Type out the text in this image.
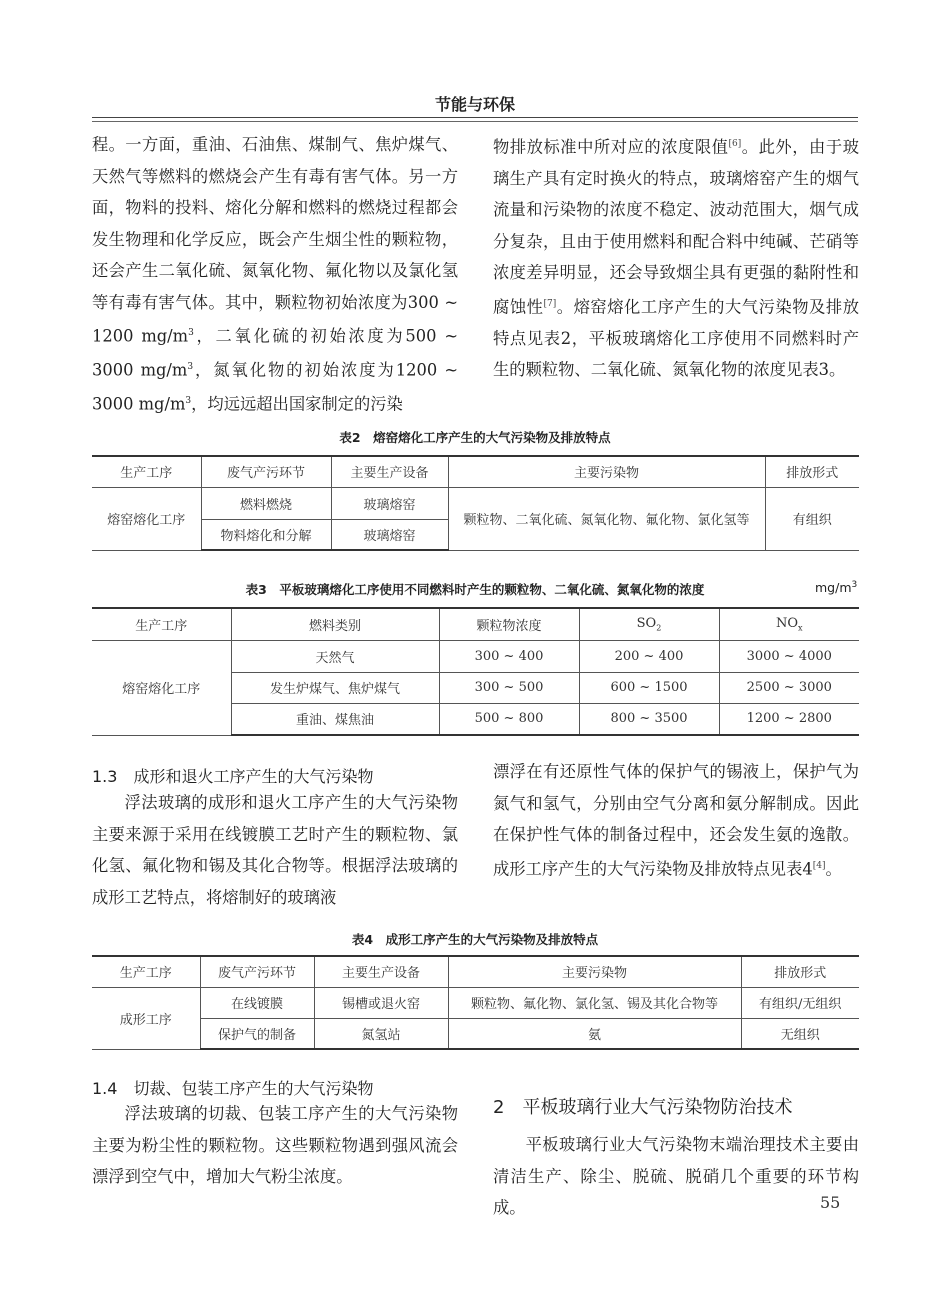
节能与环保

程。一方面，重油、石油焦、煤制气、焦炉煤气、天然气等燃料的燃烧会产生有毒有害气体。另一方面，物料的投料、熔化分解和燃料的燃烧过程都会发生物理和化学反应，既会产生烟尘性的颗粒物，还会产生二氧化硫、氮氧化物、氟化物以及氯化氢等有毒有害气体。其中，颗粒物初始浓度为300 ~ 1200 $mg/m^3$，二氧化硫的初始浓度为500 ~ 3000 $mg/m^3$，氮氧化物的初始浓度为1200 ~ 3000 $mg/m^3$，均远远超出国家制定的污染

物排放标准中所对应的浓度限值[6]。此外，由于玻璃生产具有定时换火的特点，玻璃熔窑产生的烟气流量和污染物的浓度不稳定、波动范围大，烟气成分复杂，且由于使用燃料和配合料中纯碱、芒硝等浓度差异明显，还会导致烟尘具有更强的黏附性和腐蚀性[7]。熔窑熔化工序产生的大气污染物及排放特点见表2，平板玻璃熔化工序使用不同燃料时产生的颗粒物、二氧化硫、氮氧化物的浓度见表3。

表2　熔窑熔化工序产生的大气污染物及排放特点
生产工序	废气产污环节	主要生产设备	主要污染物	排放形式
熔窑熔化工序	燃料燃烧	玻璃熔窑	颗粒物、二氧化硫、氮氧化物、氟化物、氯化氢等	有组织
	物料熔化和分解	玻璃熔窑		
表3　平板玻璃熔化工序使用不同燃料时产生的颗粒物、二氧化硫、氮氧化物的浓度	$mg/m^3$
生产工序	燃料类别	颗粒物浓度	$SO_2$	$NO_x$
熔窑熔化工序	天然气	300 ~ 400	200 ~ 400	3000 ~ 4000
	发生炉煤气、焦炉煤气	300 ~ 500	600 ~ 1500	2500 ~ 3000
	重油、煤焦油	500 ~ 800	800 ~ 3500	1200 ~ 2800
1.3　成形和退火工序产生的大气污染物

浮法玻璃的成形和退火工序产生的大气污染物主要来源于采用在线镀膜工艺时产生的颗粒物、氯化氢、氟化物和锡及其化合物等。根据浮法玻璃的成形工艺特点，将熔制好的玻璃液

漂浮在有还原性气体的保护气的锡液上，保护气为氮气和氢气，分别由空气分离和氨分解制成。因此在保护性气体的制备过程中，还会发生氨的逸散。成形工序产生的大气污染物及排放特点见表4[4]。

表4　成形工序产生的大气污染物及排放特点
生产工序	废气产污环节	主要生产设备	主要污染物	排放形式
成形工序	在线镀膜	锡槽或退火窑	颗粒物、氟化物、氯化氢、锡及其化合物等	有组织/无组织
	保护气的制备	氮氢站	氨	无组织
1.4　切裁、包装工序产生的大气污染物

浮法玻璃的切裁、包装工序产生的大气污染物主要为粉尘性的颗粒物。这些颗粒物遇到强风流会漂浮到空气中，增加大气粉尘浓度。

2　平板玻璃行业大气污染物防治技术

平板玻璃行业大气污染物末端治理技术主要由清洁生产、除尘、脱硫、脱硝几个重要的环节构成。	55
